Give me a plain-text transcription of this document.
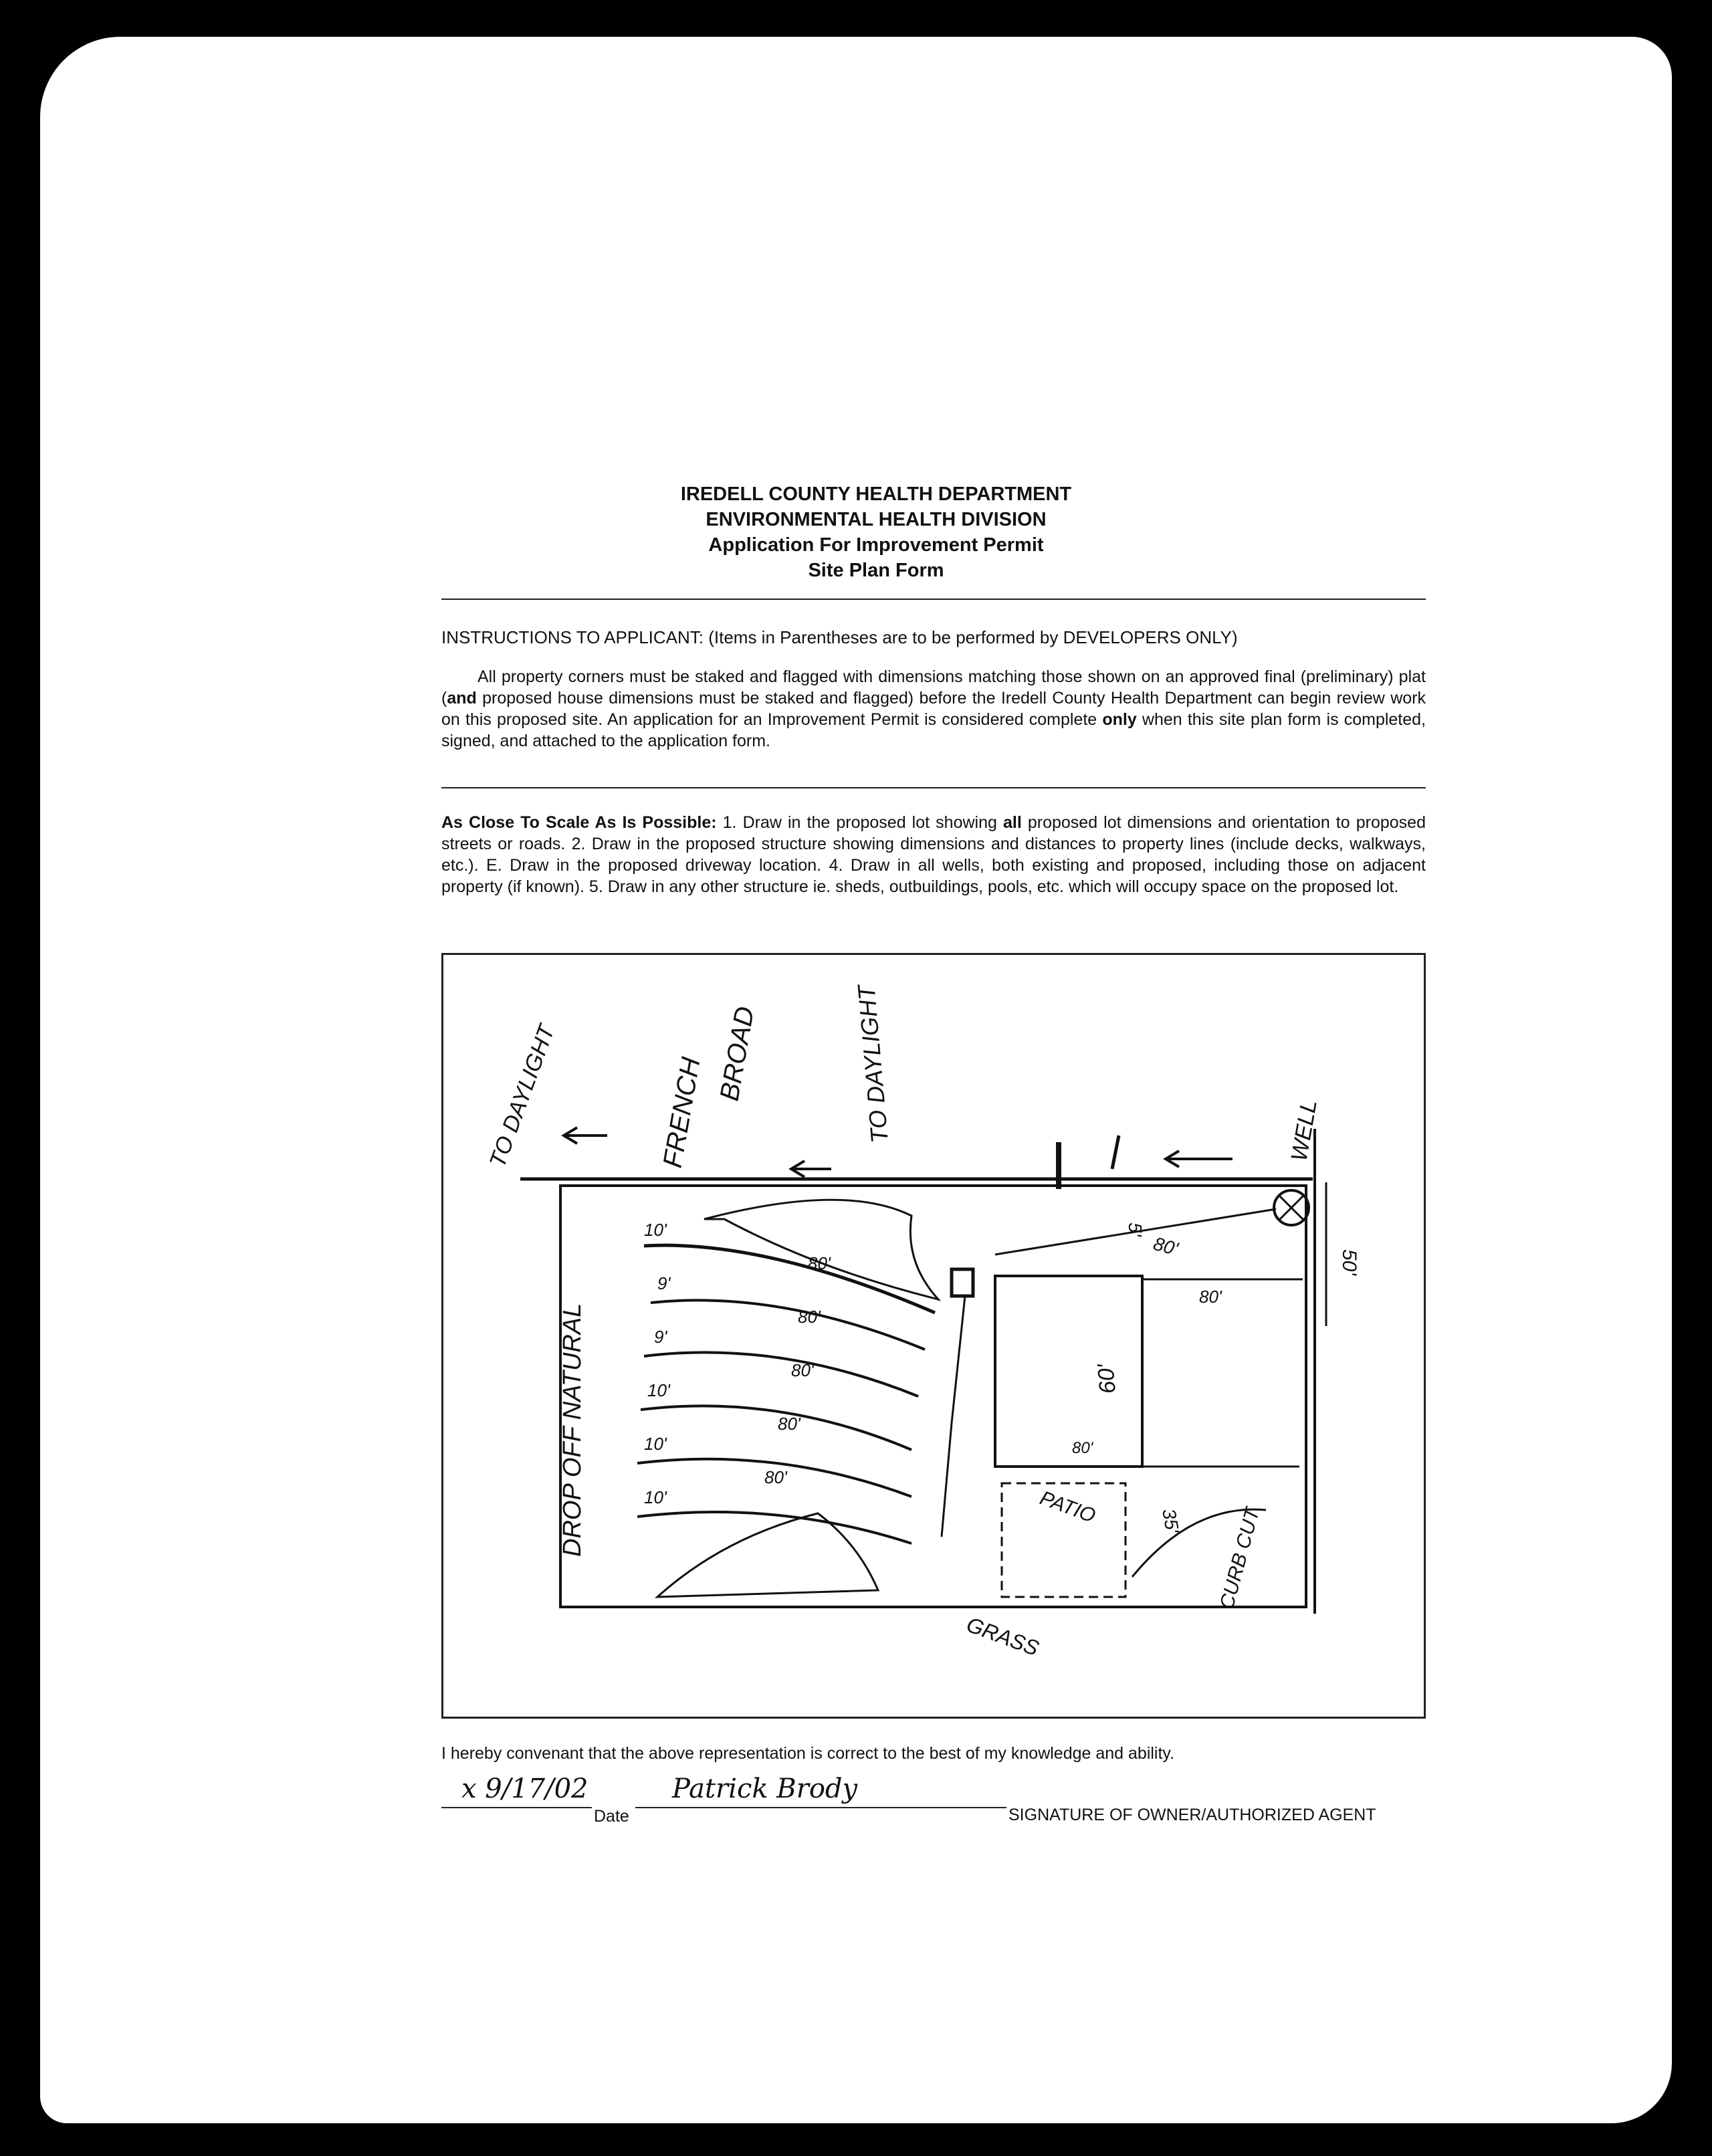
IREDELL COUNTY HEALTH DEPARTMENT
ENVIRONMENTAL HEALTH DIVISION
Application For Improvement Permit
Site Plan Form
INSTRUCTIONS TO APPLICANT: (Items in Parentheses are to be performed by DEVELOPERS ONLY)
All property corners must be staked and flagged with dimensions matching those shown on an approved final (preliminary) plat (and proposed house dimensions must be staked and flagged) before the Iredell County Health Department can begin review work on this proposed site. An application for an Improvement Permit is considered complete only when this site plan form is completed, signed, and attached to the application form.
As Close To Scale As Is Possible: 1. Draw in the proposed lot showing all proposed lot dimensions and orientation to proposed streets or roads. 2. Draw in the proposed structure showing dimensions and distances to property lines (include decks, walkways, etc.). E. Draw in the proposed driveway location. 4. Draw in all wells, both existing and proposed, including those on adjacent property (if known). 5. Draw in any other structure ie. sheds, outbuildings, pools, etc. which will occupy space on the proposed lot.
TO DAYLIGHT	FRENCH
BROAD	TO DAYLIGHT	WELL
80'
DROP OFF NATURAL	60'
80'
80'
50'
5'
PATIO	35' CURB CUT
80'
80'
80'
80'
80'
10'
9'
9'
10'
10'
10'
GRASS
I hereby convenant that the above representation is correct to the best of my knowledge and ability.
x 9/17/02
Date
Patrick Brody
SIGNATURE OF OWNER/AUTHORIZED AGENT
